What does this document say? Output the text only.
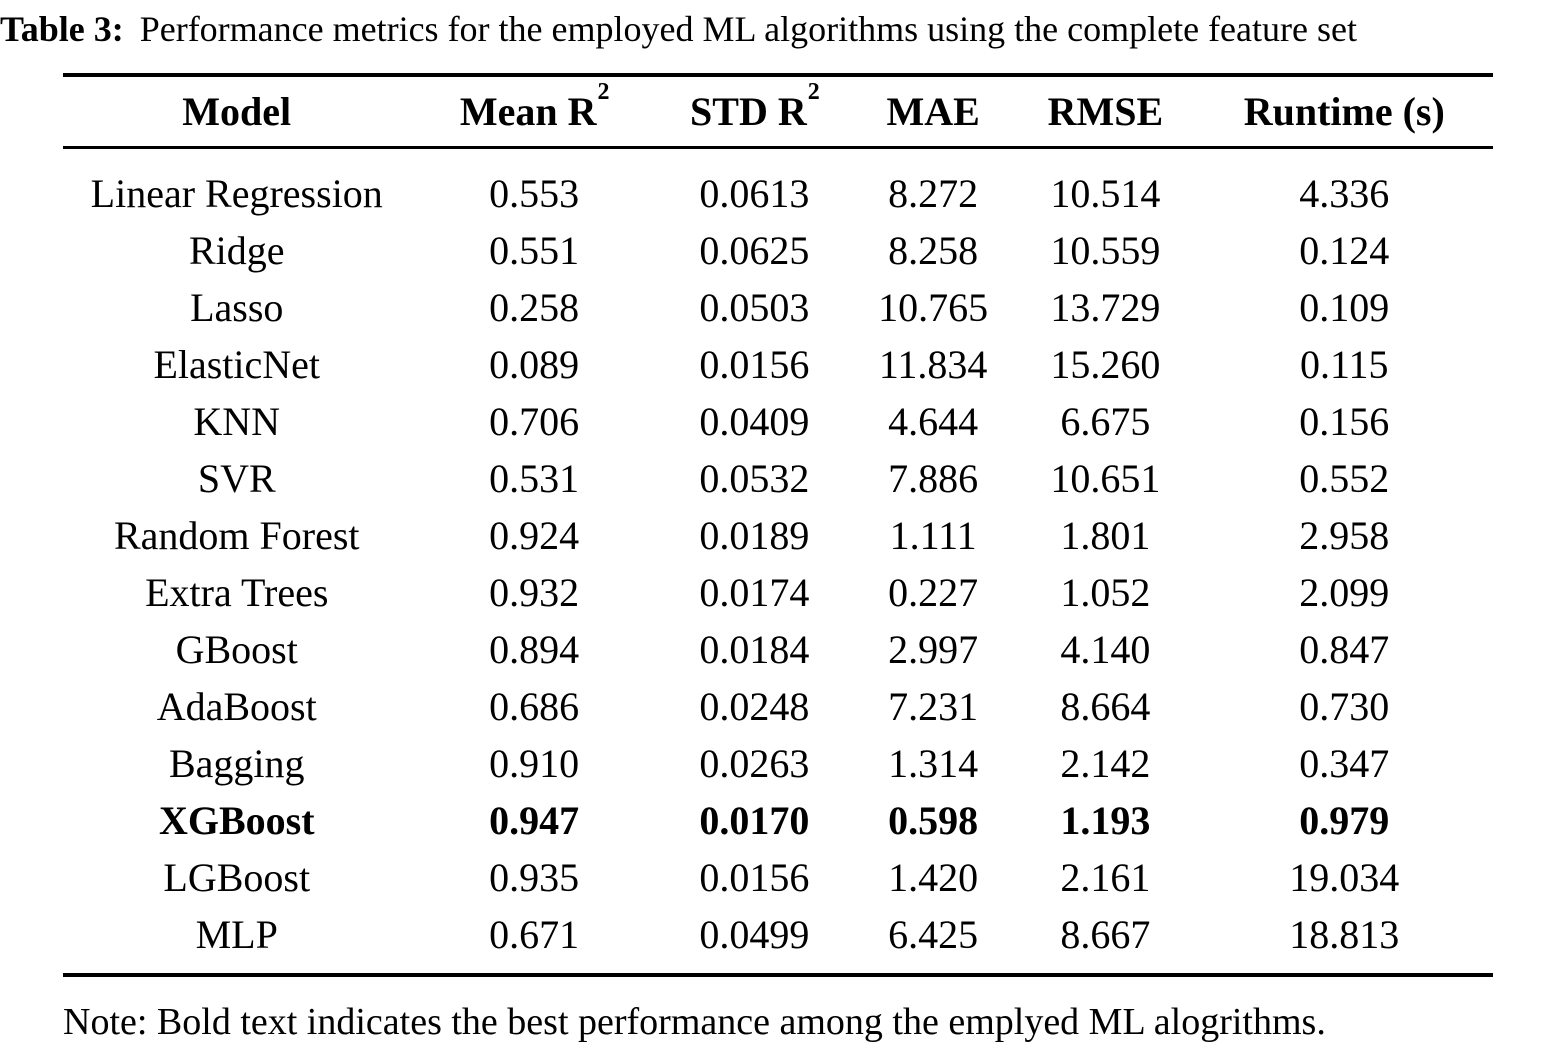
Table 3: Performance metrics for the employed ML algorithms using the complete feature set
Model	Mean $R^2$	STD $R^2$	MAE	RMSE	Runtime (s)
Linear Regression	0.553	0.0613	8.272	10.514	4.336
Ridge	0.551	0.0625	8.258	10.559	0.124
Lasso	0.258	0.0503	10.765	13.729	0.109
ElasticNet	0.089	0.0156	11.834	15.260	0.115
KNN	0.706	0.0409	4.644	6.675	0.156
SVR	0.531	0.0532	7.886	10.651	0.552
Random Forest	0.924	0.0189	1.111	1.801	2.958
Extra Trees	0.932	0.0174	0.227	1.052	2.099
GBoost	0.894	0.0184	2.997	4.140	0.847
AdaBoost	0.686	0.0248	7.231	8.664	0.730
Bagging	0.910	0.0263	1.314	2.142	0.347
XGBoost	0.947	0.0170	0.598	1.193	0.979
LGBoost	0.935	0.0156	1.420	2.161	19.034
MLP	0.671	0.0499	6.425	8.667	18.813
Note: Bold text indicates the best performance among the emplyed ML alogrithms.
